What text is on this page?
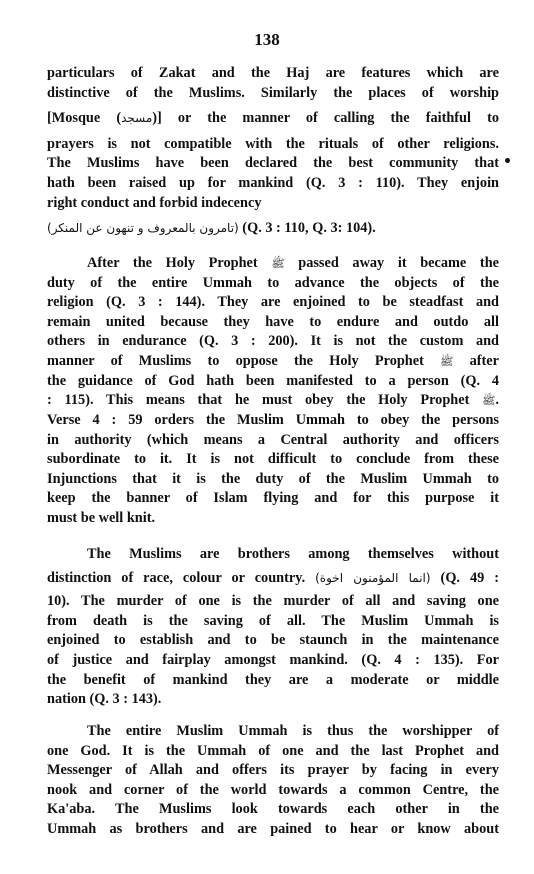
138
particulars of Zakat and the Haj are features which are
distinctive of the Muslims. Similarly the places of worship
[Mosque (مسجد)] or the manner of calling the faithful to
prayers is not compatible with the rituals of other religions.
The Muslims have been declared the best community that
hath been raised up for mankind (Q. 3 : 110). They enjoin
right conduct and forbid indecency
(تامرون بالمعروف و تنهون عن المنكر) (Q. 3 : 110, Q. 3: 104).
After the Holy Prophet ﷺ passed away it became the
duty of the entire Ummah to advance the objects of the
religion (Q. 3 : 144). They are enjoined to be steadfast and
remain united because they have to endure and outdo all
others in endurance (Q. 3 : 200). It is not the custom and
manner of Muslims to oppose the Holy Prophet ﷺ after
the guidance of God hath been manifested to a person (Q. 4
: 115). This means that he must obey the Holy Prophet ﷺ.
Verse 4 : 59 orders the Muslim Ummah to obey the persons
in authority (which means a Central authority and officers
subordinate to it. It is not difficult to conclude from these
Injunctions that it is the duty of the Muslim Ummah to
keep the banner of Islam flying and for this purpose it
must be well knit.
The Muslims are brothers among themselves without
distinction of race, colour or country. (انما المؤمنون اخوة) (Q. 49 :
10). The murder of one is the murder of all and saving one
from death is the saving of all. The Muslim Ummah is
enjoined to establish and to be staunch in the maintenance
of justice and fairplay amongst mankind. (Q. 4 : 135). For
the benefit of mankind they are a moderate or middle
nation (Q. 3 : 143).
The entire Muslim Ummah is thus the worshipper of
one God. It is the Ummah of one and the last Prophet and
Messenger of Allah and offers its prayer by facing in every
nook and corner of the world towards a common Centre, the
Ka'aba. The Muslims look towards each other in the
Ummah as brothers and are pained to hear or know about
